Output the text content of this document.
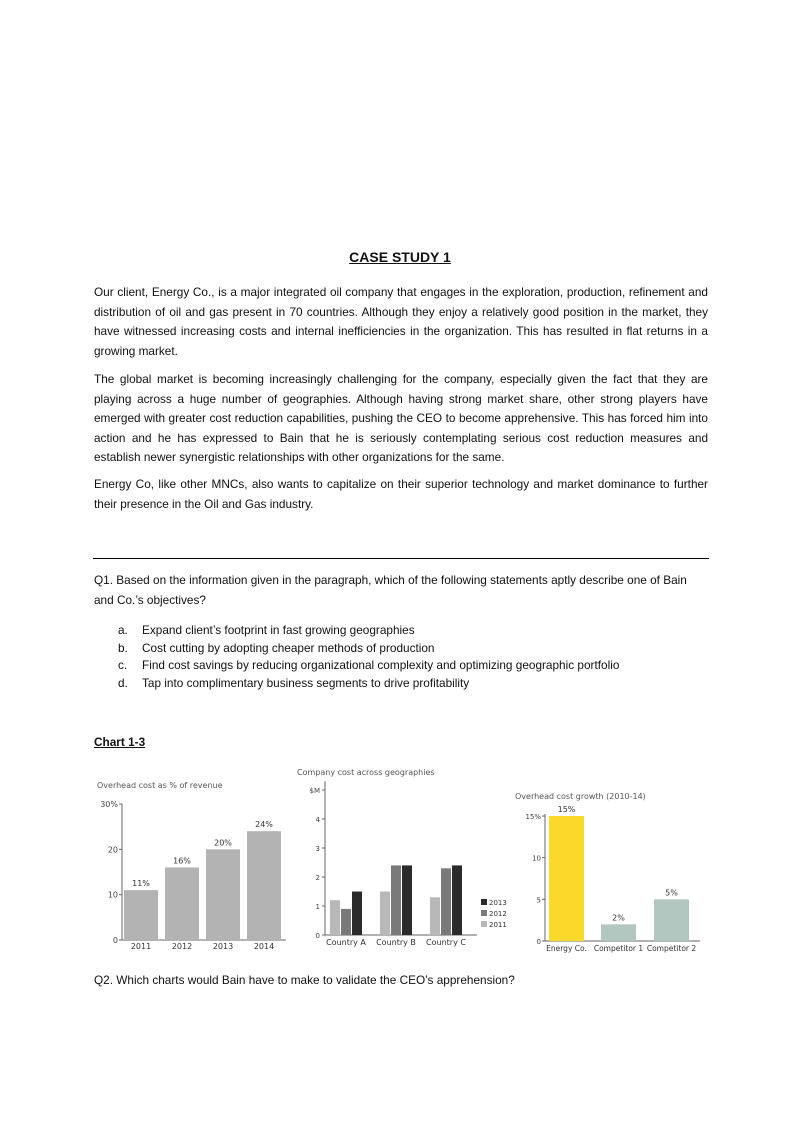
CASE STUDY 1

Our client, Energy Co., is a major integrated oil company that engages in the exploration, production, refinement and distribution of oil and gas present in 70 countries. Although they enjoy a relatively good position in the market, they have witnessed increasing costs and internal inefficiencies in the organization. This has resulted in flat returns in a growing market.

The global market is becoming increasingly challenging for the company, especially given the fact that they are playing across a huge number of geographies. Although having strong market share, other strong players have emerged with greater cost reduction capabilities, pushing the CEO to become apprehensive. This has forced him into action and he has expressed to Bain that he is seriously contemplating serious cost reduction measures and establish newer synergistic relationships with other organizations for the same.

Energy Co, like other MNCs, also wants to capitalize on their superior technology and market dominance to further their presence in the Oil and Gas industry.

Q1. Based on the information given in the paragraph, which of the following statements aptly describe one of Bain and Co.’s objectives?

a. Expand client’s footprint in fast growing geographies
b. Cost cutting by adopting cheaper methods of production
c. Find cost savings by reducing organizational complexity and optimizing geographic portfolio
d. Tap into complimentary business segments to drive profitability
Chart 1-3
Overhead cost as % of revenue
0
10
20
30%
11%
2011
16%
2012
20%
2013
24%
2014
Company cost across geographies
0
1
2
3
4
$M
Country A Country B Country C
2013
2012
2011
Overhead cost growth (2010-14)
0
5
10
15%
15%
Energy Co.
2%
Competitor 1
5%
Competitor 2

Q2. Which charts would Bain have to make to validate the CEO’s apprehension?
